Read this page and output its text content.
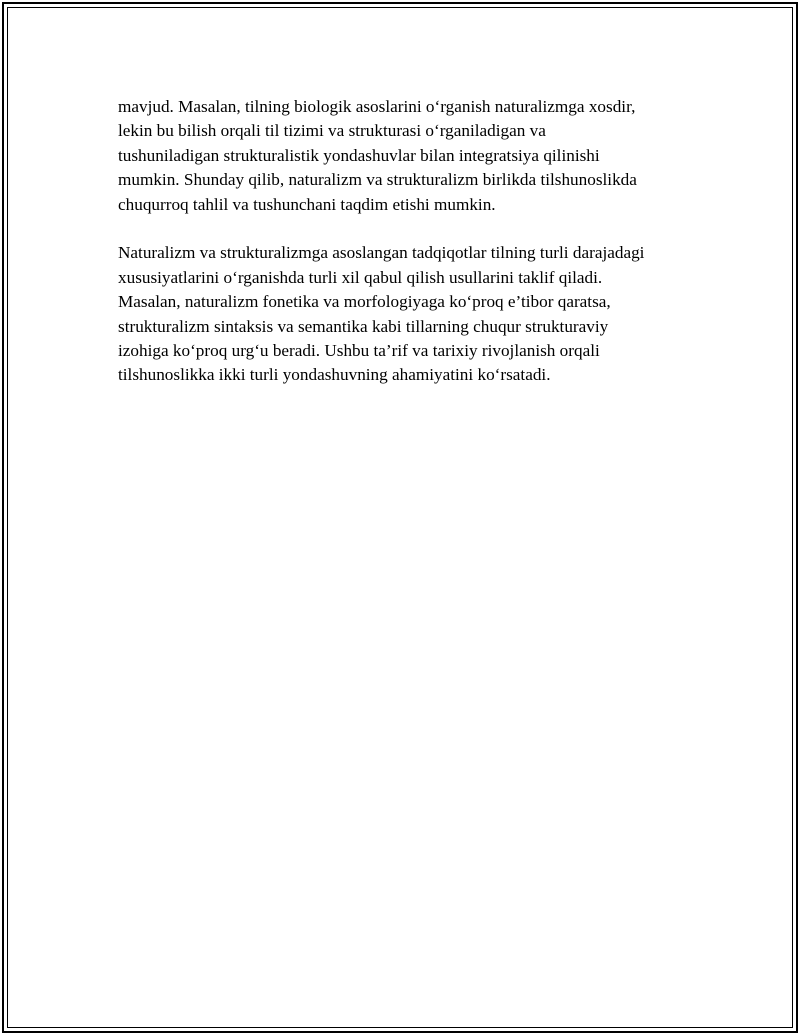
mavjud. Masalan, tilning biologik asoslarini o‘rganish naturalizmga xosdir,
lekin bu bilish orqali til tizimi va strukturasi o‘rganiladigan va
tushuniladigan strukturalistik yondashuvlar bilan integratsiya qilinishi
mumkin. Shunday qilib, naturalizm va strukturalizm birlikda tilshunoslikda
chuqurroq tahlil va tushunchani taqdim etishi mumkin.

Naturalizm va strukturalizmga asoslangan tadqiqotlar tilning turli darajadagi
xususiyatlarini o‘rganishda turli xil qabul qilish usullarini taklif qiladi.
Masalan, naturalizm fonetika va morfologiyaga ko‘proq e’tibor qaratsa,
strukturalizm sintaksis va semantika kabi tillarning chuqur strukturaviy
izohiga ko‘proq urg‘u beradi. Ushbu ta’rif va tarixiy rivojlanish orqali
tilshunoslikka ikki turli yondashuvning ahamiyatini ko‘rsatadi.
